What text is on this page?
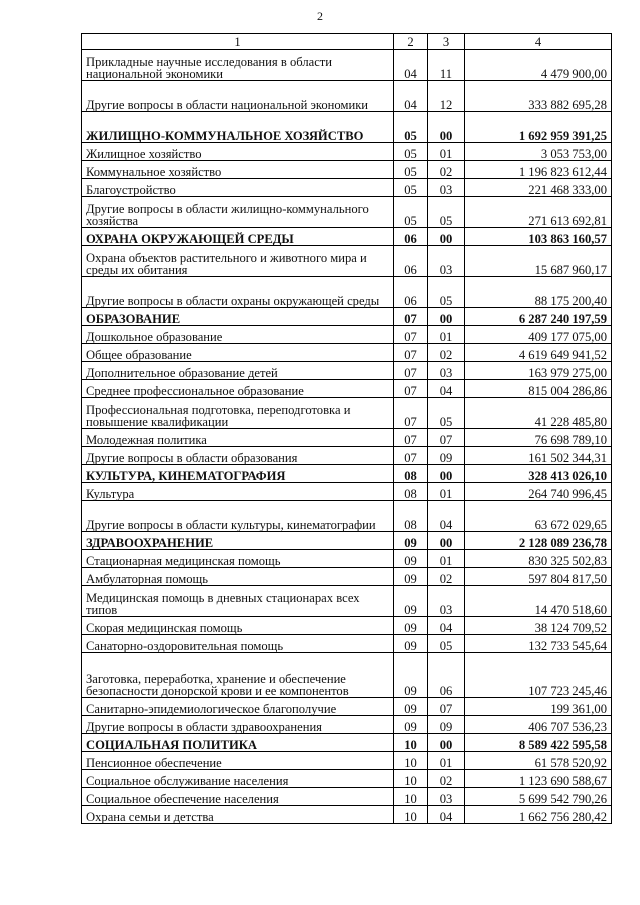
2
1	2	3	4
Прикладные научные исследования в области национальной экономики	04	11	4 479 900,00
Другие вопросы в области национальной экономики	04	12	333 882 695,28
ЖИЛИЩНО-КОММУНАЛЬНОЕ ХОЗЯЙСТВО	05	00	1 692 959 391,25
Жилищное хозяйство	05	01	3 053 753,00
Коммунальное хозяйство	05	02	1 196 823 612,44
Благоустройство	05	03	221 468 333,00
Другие вопросы в области жилищно-коммунального хозяйства	05	05	271 613 692,81
ОХРАНА ОКРУЖАЮЩЕЙ СРЕДЫ	06	00	103 863 160,57
Охрана объектов растительного и животного мира и среды их обитания	06	03	15 687 960,17
Другие вопросы в области охраны окружающей среды	06	05	88 175 200,40
ОБРАЗОВАНИЕ	07	00	6 287 240 197,59
Дошкольное образование	07	01	409 177 075,00
Общее образование	07	02	4 619 649 941,52
Дополнительное образование детей	07	03	163 979 275,00
Среднее профессиональное образование	07	04	815 004 286,86
Профессиональная подготовка, переподготовка и повышение квалификации	07	05	41 228 485,80
Молодежная политика	07	07	76 698 789,10
Другие вопросы в области образования	07	09	161 502 344,31
КУЛЬТУРА, КИНЕМАТОГРАФИЯ	08	00	328 413 026,10
Культура	08	01	264 740 996,45
Другие вопросы в области культуры, кинематографии	08	04	63 672 029,65
ЗДРАВООХРАНЕНИЕ	09	00	2 128 089 236,78
Стационарная медицинская помощь	09	01	830 325 502,83
Амбулаторная помощь	09	02	597 804 817,50
Медицинская помощь в дневных стационарах всех типов	09	03	14 470 518,60
Скорая медицинская помощь	09	04	38 124 709,52
Санаторно-оздоровительная помощь	09	05	132 733 545,64
Заготовка, переработка, хранение и обеспечение безопасности донорской крови и ее компонентов	09	06	107 723 245,46
Санитарно-эпидемиологическое благополучие	09	07	199 361,00
Другие вопросы в области здравоохранения	09	09	406 707 536,23
СОЦИАЛЬНАЯ ПОЛИТИКА	10	00	8 589 422 595,58
Пенсионное обеспечение	10	01	61 578 520,92
Социальное обслуживание населения	10	02	1 123 690 588,67
Социальное обеспечение населения	10	03	5 699 542 790,26
Охрана семьи и детства	10	04	1 662 756 280,42
